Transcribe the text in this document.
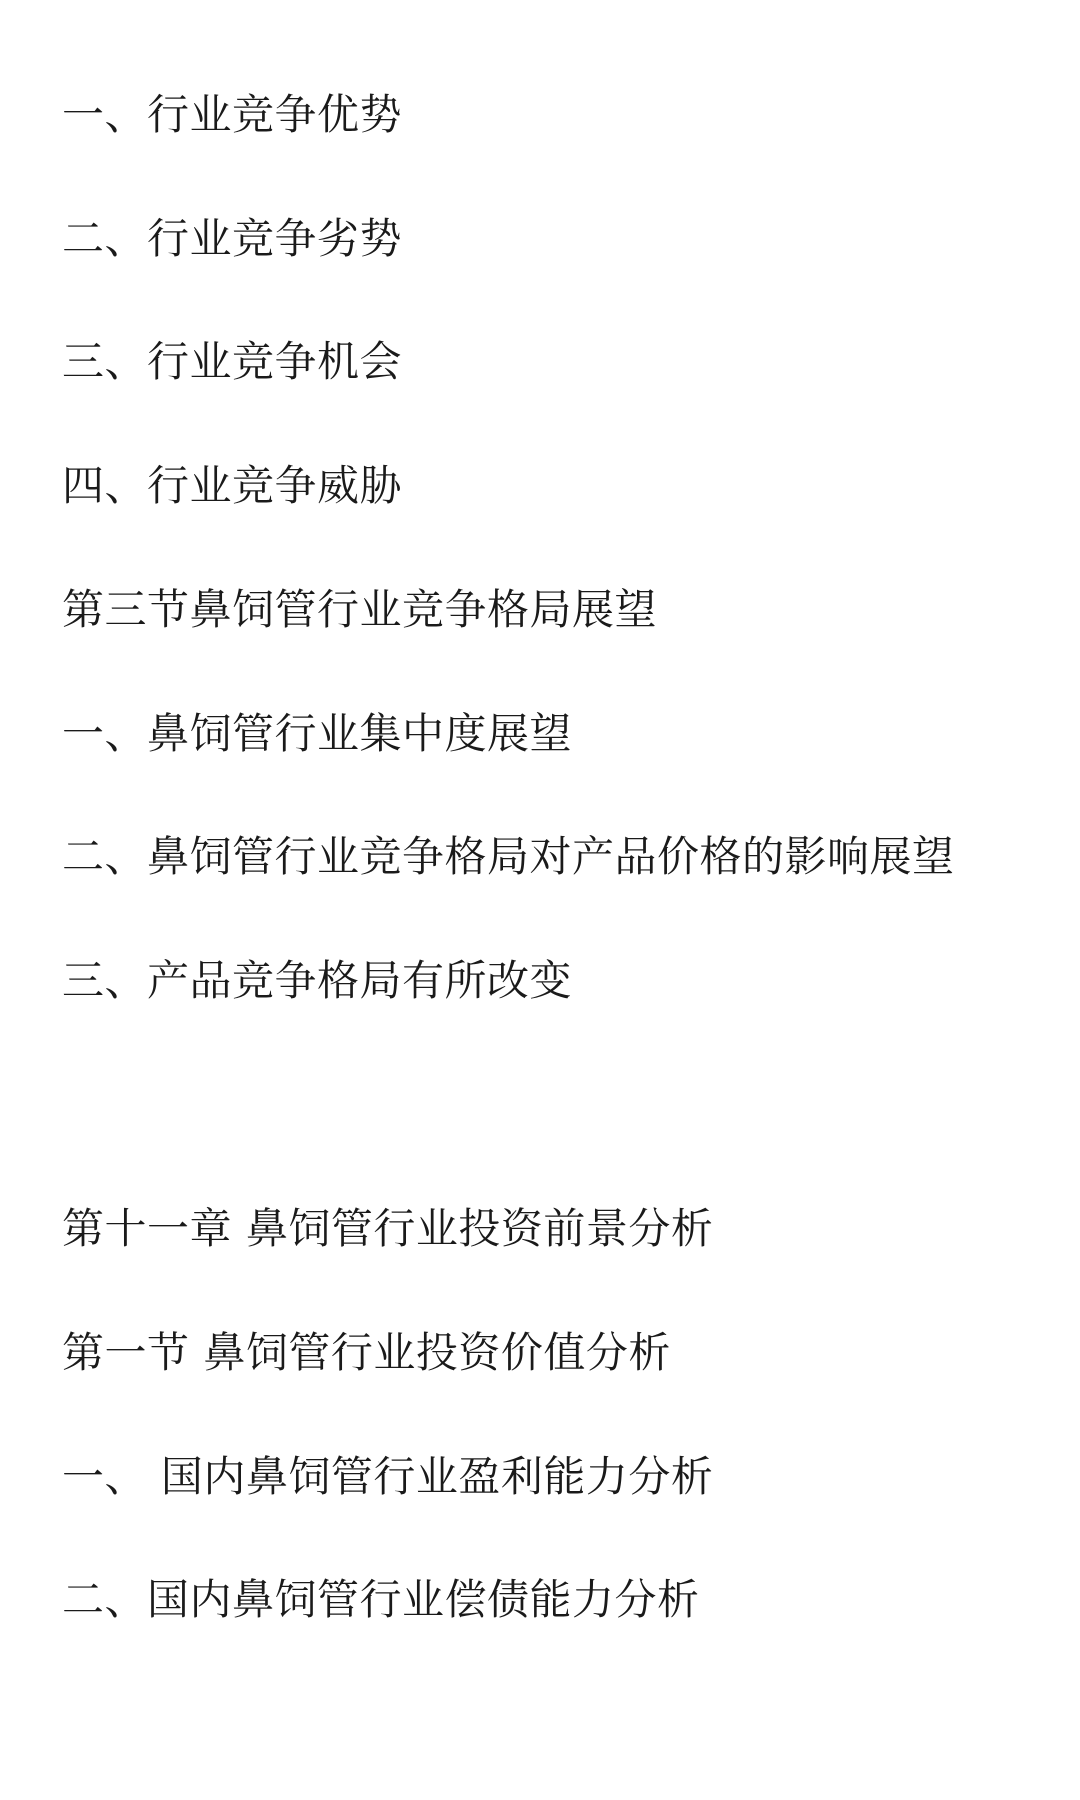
一、行业竞争优势
二、行业竞争劣势
三、行业竞争机会
四、行业竞争威胁
第三节鼻饲管行业竞争格局展望
一、鼻饲管行业集中度展望
二、鼻饲管行业竞争格局对产品价格的影响展望
三、产品竞争格局有所改变
第十一章 鼻饲管行业投资前景分析
第一节 鼻饲管行业投资价值分析
一、 国内鼻饲管行业盈利能力分析
二、国内鼻饲管行业偿债能力分析
